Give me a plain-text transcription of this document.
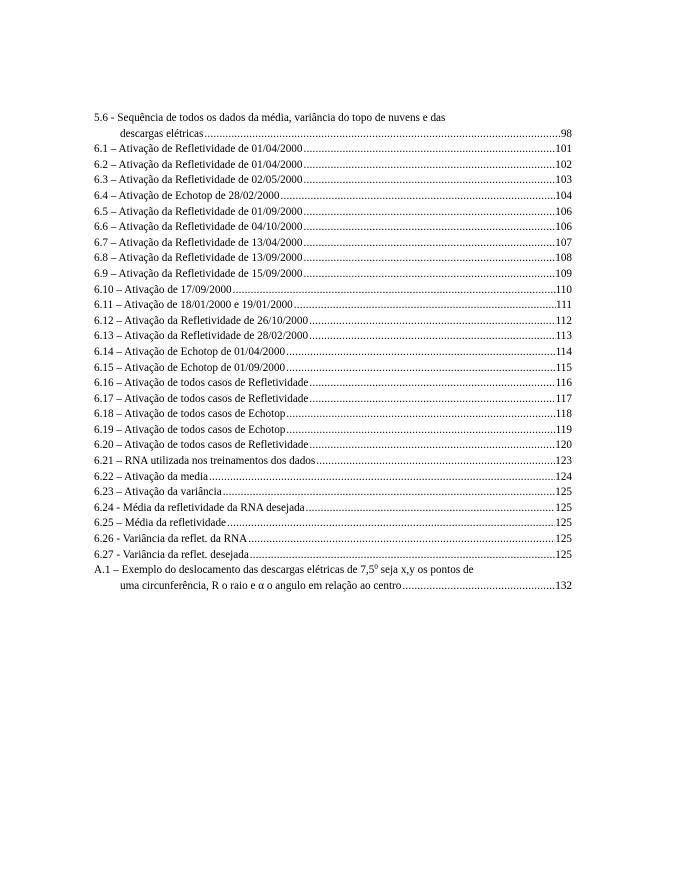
5.6 - Sequência de todos os dados da média, variância do topo de nuvens e das
descargas elétricas .....	98
6.1 – Ativação de Refletividade de 01/04/2000 .....	101
6.2 – Ativação da Refletividade de 01/04/2000 .....	102
6.3 – Ativação da Refletividade de 02/05/2000 .....	103
6.4 – Ativação de Echotop de 28/02/2000 .....	104
6.5 – Ativação da Refletividade de 01/09/2000 .....	106
6.6 – Ativação da Refletividade de 04/10/2000 .....	106
6.7 – Ativação da Refletividade de 13/04/2000 .....	107
6.8 – Ativação da Refletividade de 13/09/2000 .....	108
6.9 – Ativação da Refletividade de 15/09/2000 .....	109
6.10 – Ativação de 17/09/2000 .....	110
6.11 – Ativação de 18/01/2000 e 19/01/2000 .....	111
6.12 – Ativação da Refletividade de 26/10/2000 .....	112
6.13 – Ativação da Refletividade de 28/02/2000 .....	113
6.14 – Ativação de Echotop de 01/04/2000 .....	114
6.15 – Ativação de Echotop de 01/09/2000 .....	115
6.16 – Ativação de todos casos de Refletividade .....	116
6.17 – Ativação de todos casos de Refletividade .....	117
6.18 – Ativação de todos casos de Echotop .....	118
6.19 – Ativação de todos casos de Echotop .....	119
6.20 – Ativação de todos casos de Refletividade .....	120
6.21 – RNA utilizada nos treinamentos dos dados .....	123
6.22 – Ativação da media .....	124
6.23 – Ativação da variância .....	125
6.24 - Média da refletividade da RNA desejada .....	125
6.25 – Média da refletividade .....	125
6.26 - Variância da reflet. da RNA .....	125
6.27 - Variância da reflet. desejada .....	125
A.1 – Exemplo do deslocamento das descargas elétricas de $7,5^0$ seja x,y os pontos de
uma circunferência, R o raio e α o angulo em relação ao centro .....	132
